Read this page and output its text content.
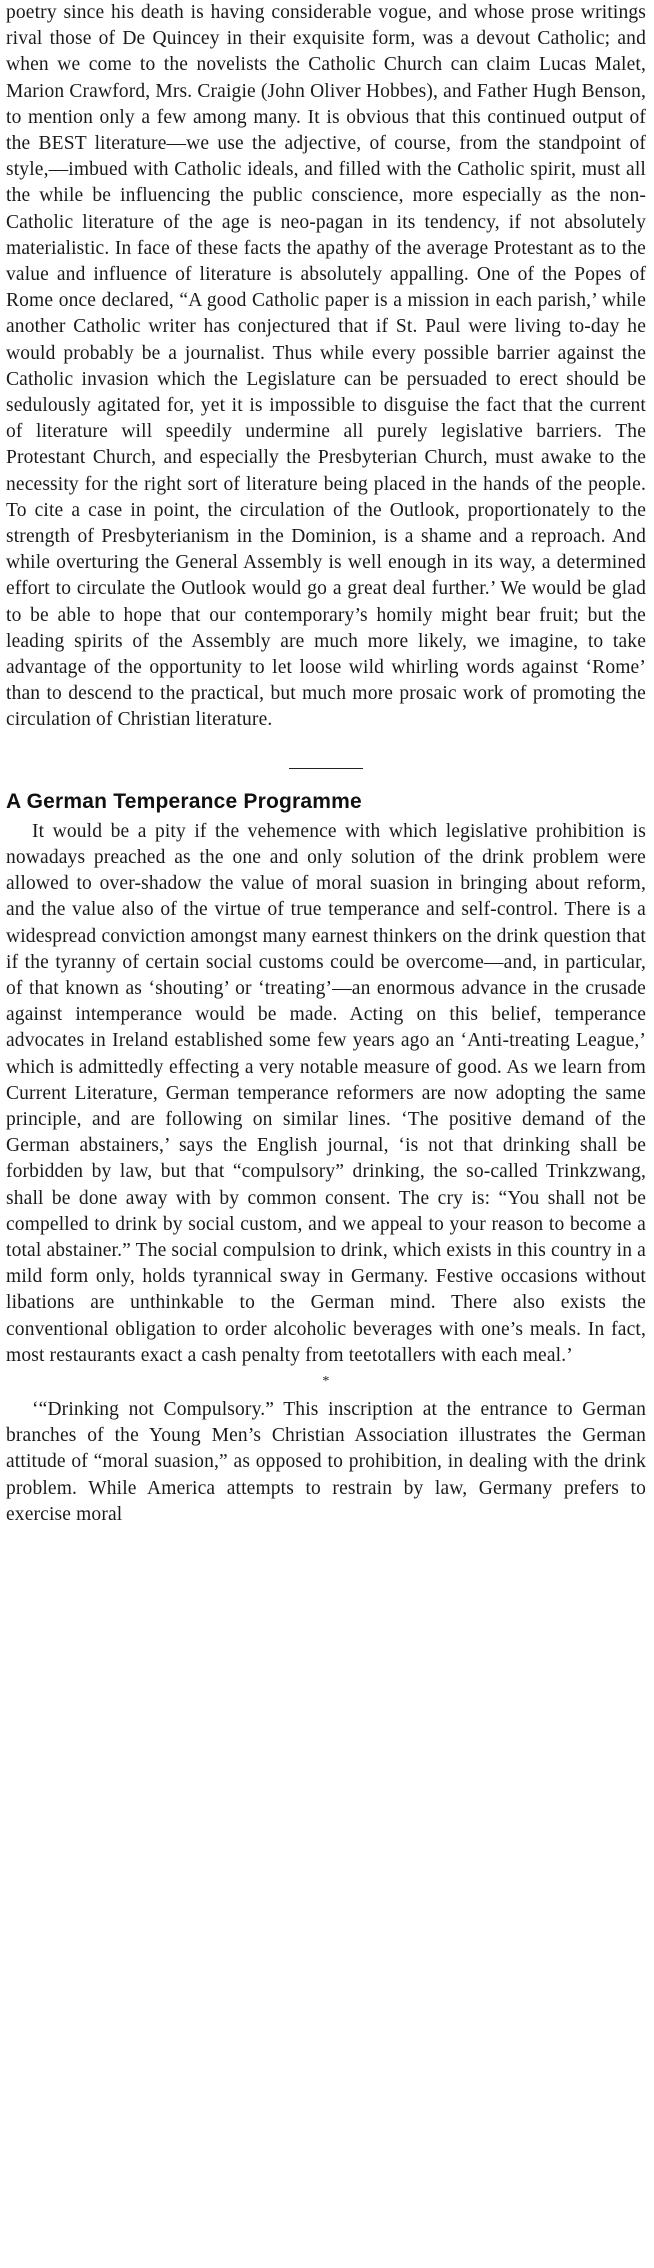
poetry since his death is having considerable vogue, and whose prose writings rival those of De Quincey in their exquisite form, was a devout Catholic; and when we come to the novelists the Catholic Church can claim Lucas Malet, Marion Crawford, Mrs. Craigie (John Oliver Hobbes), and Father Hugh Benson, to mention only a few among many. It is obvious that this continued output of the BEST literature—we use the adjective, of course, from the standpoint of style,—imbued with Catholic ideals, and filled with the Catholic spirit, must all the while be influencing the public conscience, more especially as the non-Catholic literature of the age is neo-pagan in its tendency, if not absolutely materialistic. In face of these facts the apathy of the average Protestant as to the value and influence of literature is absolutely appalling. One of the Popes of Rome once declared, “A good Catholic paper is a mission in each parish,’ while another Catholic writer has conjectured that if St. Paul were living to-day he would probably be a journalist. Thus while every possible barrier against the Catholic invasion which the Legislature can be persuaded to erect should be sedulously agitated for, yet it is impossible to disguise the fact that the current of literature will speedily undermine all purely legislative barriers. The Protestant Church, and especially the Presbyterian Church, must awake to the necessity for the right sort of literature being placed in the hands of the people. To cite a case in point, the circulation of the Outlook, proportionately to the strength of Presbyterianism in the Dominion, is a shame and a reproach. And while overturing the General Assembly is well enough in its way, a determined effort to circulate the Outlook would go a great deal further.’ We would be glad to be able to hope that our contemporary’s homily might bear fruit; but the leading spirits of the Assembly are much more likely, we imagine, to take advantage of the opportunity to let loose wild whirling words against ‘Rome’ than to descend to the practical, but much more prosaic work of promoting the circulation of Christian literature.

A German Temperance Programme

It would be a pity if the vehemence with which legislative prohibition is nowadays preached as the one and only solution of the drink problem were allowed to over-shadow the value of moral suasion in bringing about reform, and the value also of the virtue of true temperance and self-control. There is a widespread conviction amongst many earnest thinkers on the drink question that if the tyranny of certain social customs could be overcome—and, in particular, of that known as ‘shouting’ or ‘treating’—an enormous advance in the crusade against intemperance would be made. Acting on this belief, temperance advocates in Ireland established some few years ago an ‘Anti-treating League,’ which is admittedly effecting a very notable measure of good. As we learn from Current Literature, German temperance reformers are now adopting the same principle, and are following on similar lines. ‘The positive demand of the German abstainers,’ says the English journal, ‘is not that drinking shall be forbidden by law, but that “compulsory” drinking, the so-called Trinkzwang, shall be done away with by common consent. The cry is: “You shall not be compelled to drink by social custom, and we appeal to your reason to become a total abstainer.” The social compulsion to drink, which exists in this country in a mild form only, holds tyrannical sway in Germany. Festive occasions without libations are unthinkable to the German mind. There also exists the conventional obligation to order alcoholic beverages with one’s meals. In fact, most restaurants exact a cash penalty from teetotallers with each meal.’

*

‘“Drinking not Compulsory.” This inscription at the entrance to German branches of the Young Men’s Christian Association illustrates the German attitude of “moral suasion,” as opposed to prohibition, in dealing with the drink problem. While America attempts to restrain by law, Germany prefers to exercise moral
